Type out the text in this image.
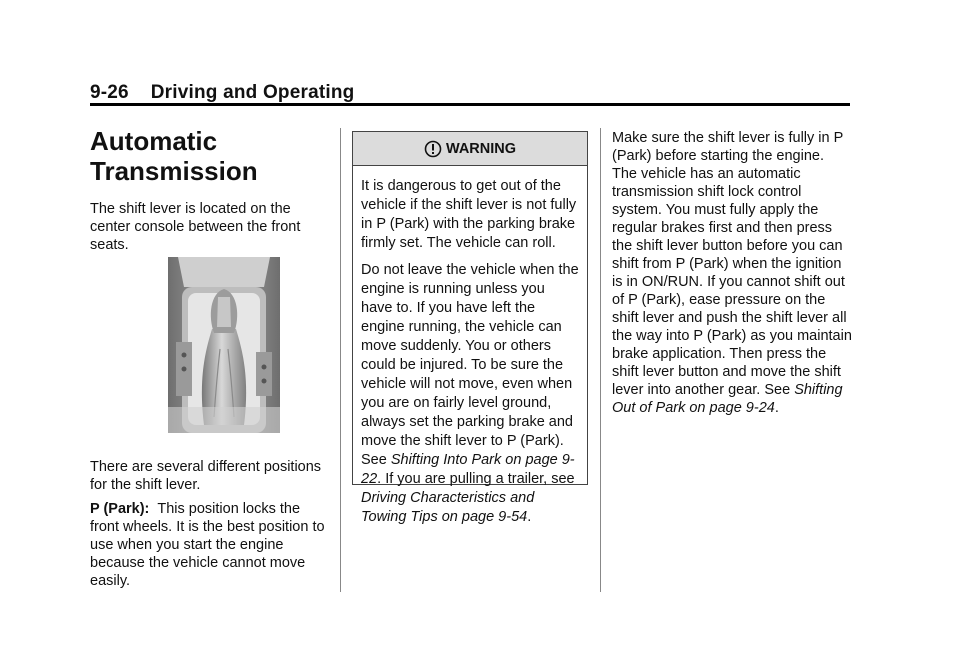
9-26 Driving and Operating
Automatic
Transmission

The shift lever is located on the center console between the front seats.

There are several different positions for the shift lever.

P (Park): This position locks the front wheels. It is the best position to use when you start the engine because the vehicle cannot move easily.

WARNING

It is dangerous to get out of the vehicle if the shift lever is not fully in P (Park) with the parking brake firmly set. The vehicle can roll.

Do not leave the vehicle when the engine is running unless you have to. If you have left the engine running, the vehicle can move suddenly. You or others could be injured. To be sure the vehicle will not move, even when you are on fairly level ground, always set the parking brake and move the shift lever to P (Park). See Shifting Into Park on page 9-22. If you are pulling a trailer, see Driving Characteristics and Towing Tips on page 9-54.

Make sure the shift lever is fully in P (Park) before starting the engine. The vehicle has an automatic transmission shift lock control system. You must fully apply the regular brakes first and then press the shift lever button before you can shift from P (Park) when the ignition is in ON/RUN. If you cannot shift out of P (Park), ease pressure on the shift lever and push the shift lever all the way into P (Park) as you maintain brake application. Then press the shift lever button and move the shift lever into another gear. See Shifting Out of Park on page 9-24.
